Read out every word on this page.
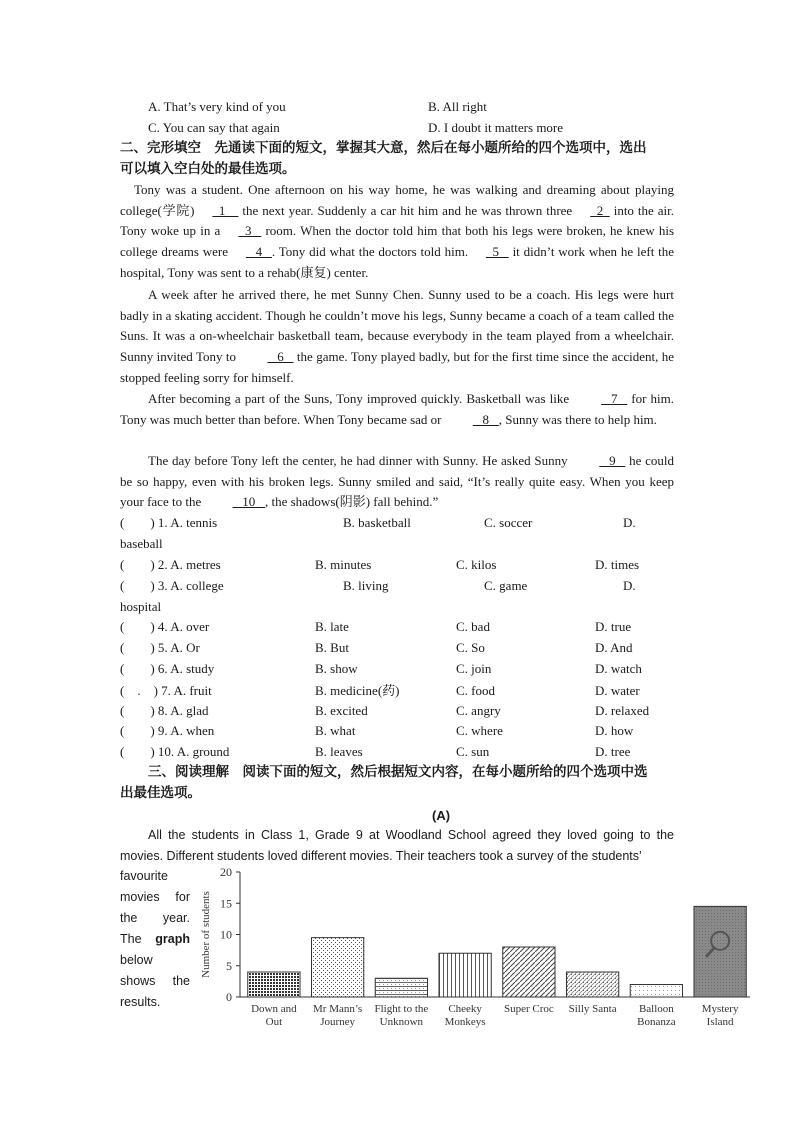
A. That’s very kind of you	B. All right
C. You can say that again	D. I doubt it matters more
二、完形填空　先通读下面的短文，掌握其大意，然后在每小题所给的四个选项中，选出
可以填入空白处的最佳选项。
Tony was a student. One afternoon on his way home, he was walking and dreaming about playing college(学院) 1 the next year. Suddenly a car hit him and he was thrown three 2 into the air. Tony woke up in a 3 room. When the doctor told him that both his legs were broken, he knew his college dreams were 4 . Tony did what the doctors told him. 5 it didn’t work when he left the hospital, Tony was sent to a rehab(康复) center.
A week after he arrived there, he met Sunny Chen. Sunny used to be a coach. His legs were hurt badly in a skating accident. Though he couldn’t move his legs, Sunny became a coach of a team called the Suns. It was a on-wheelchair basketball team, because everybody in the team played from a wheelchair. Sunny invited Tony to	6 the game. Tony played badly, but for the first time since the accident, he stopped feeling sorry for himself.
After becoming a part of the Suns, Tony improved quickly. Basketball was like	7 for him. Tony was much better than before. When Tony became sad or	8 , Sunny was there to help him.
The day before Tony left the center, he had dinner with Sunny. He asked Sunny	9 he could be so happy, even with his broken legs. Sunny smiled and said, “It’s really quite easy. When you keep your face to the	10 , the shadows(阴影) fall behind.”
(　　) 1. A. tennis	B. basketball	C. soccer	D.
baseball
(　　) 2. A. metres	B. minutes	C. kilos	D. times
(　　) 3. A. college	B. living	C. game	D.
hospital
(　　) 4. A. over	B. late	C. bad	D. true
(　　) 5. A. Or	B. But	C. So	D. And
(　　) 6. A. study	B. show	C. join	D. watch
(　.　) 7. A. fruit	B. medicine(药)	C. food	D. water
(　　) 8. A. glad	B. excited	C. angry	D. relaxed
(　　) 9. A. when	B. what	C. where	D. how
(　　) 10. A. ground	B. leaves	C. sun	D. tree
三、阅读理解　阅读下面的短文，然后根据短文内容，在每小题所给的四个选项中选
出最佳选项。
(A)
All the students in Class 1, Grade 9 at Woodland School agreed they loved going to the movies. Different students loved different movies. Their teachers took a survey of the students’
favourite
movies for
the year.
The graph
below
shows the
results.	0
5
10
15
20
Number of students
Down and
Out
Mr Mann’s
Journey
Flight to the
Unknown
Cheeky
Monkeys
Super Croc Silly Santa Balloon
Bonanza
Mystery
Island
